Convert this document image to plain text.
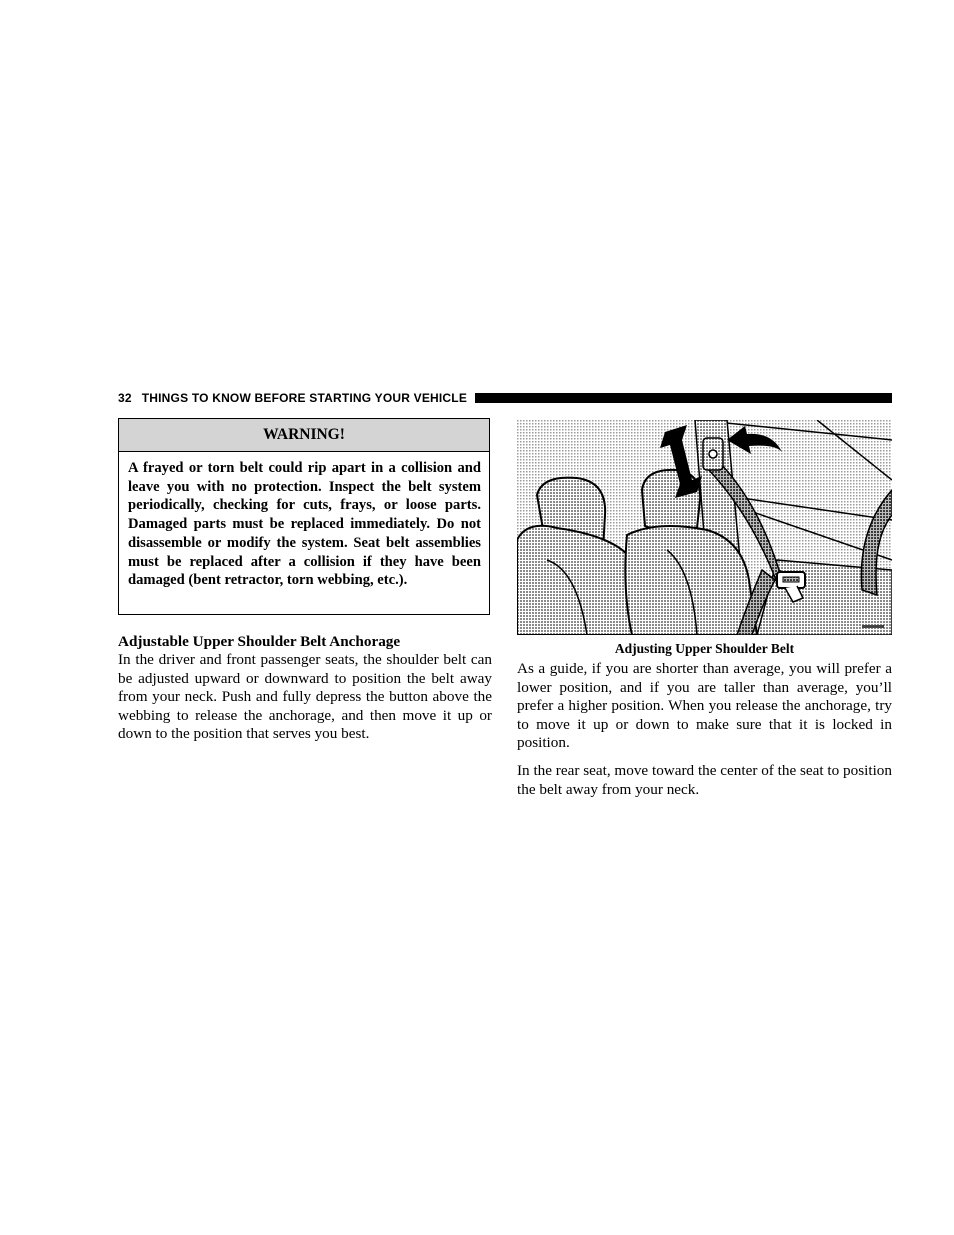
32 THINGS TO KNOW BEFORE STARTING YOUR VEHICLE
WARNING!
A frayed or torn belt could rip apart in a collision and leave you with no protection. Inspect the belt system periodically, checking for cuts, frays, or loose parts. Damaged parts must be replaced immediately. Do not disassemble or modify the system. Seat belt assemblies must be replaced after a collision if they have been damaged (bent retractor, torn webbing, etc.).
Adjustable Upper Shoulder Belt Anchorage

In the driver and front passenger seats, the shoulder belt can be adjusted upward or downward to position the belt away from your neck. Push and fully depress the button above the webbing to release the anchorage, and then move it up or down to the position that serves you best.

Adjusting Upper Shoulder Belt

As a guide, if you are shorter than average, you will prefer a lower position, and if you are taller than average, you’ll prefer a higher position. When you release the anchorage, try to move it up or down to make sure that it is locked in position.

In the rear seat, move toward the center of the seat to position the belt away from your neck.
